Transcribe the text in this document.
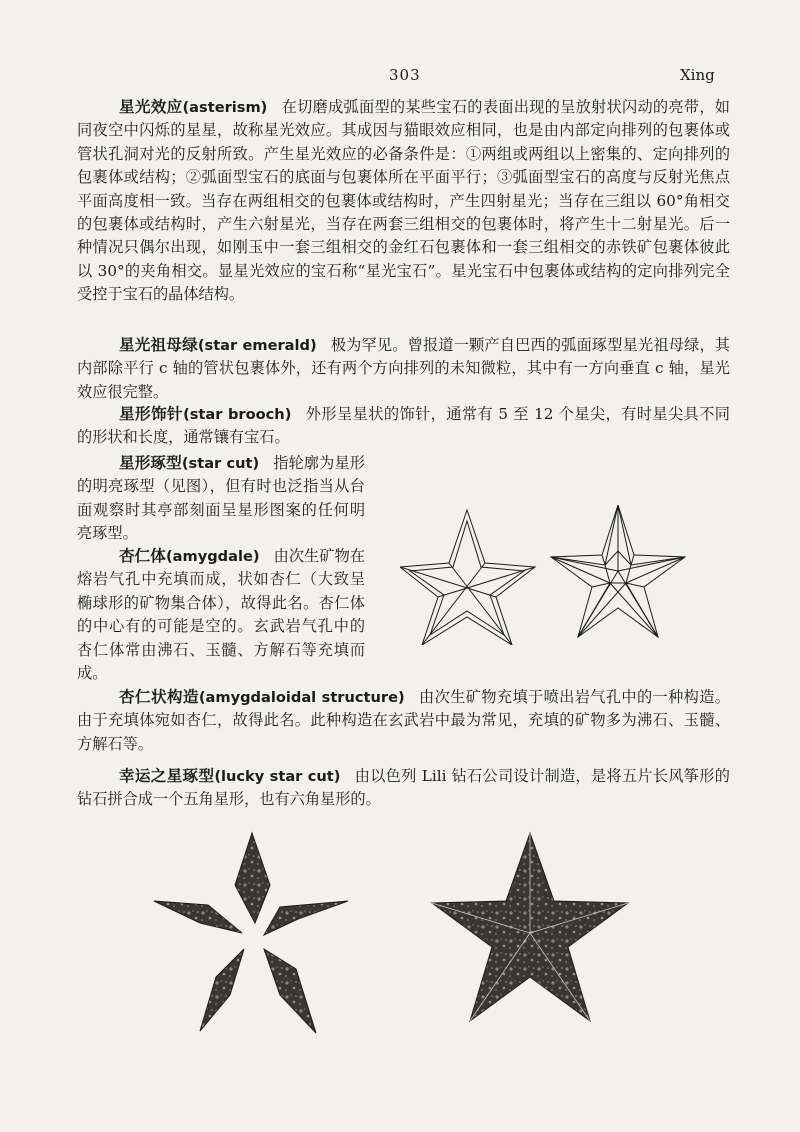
303	Xing
星光效应(asterism) 在切磨成弧面型的某些宝石的表面出现的呈放射状闪动的亮带，如同夜空中闪烁的星星，故称星光效应。其成因与猫眼效应相同，也是由内部定向排列的包裹体或管状孔洞对光的反射所致。产生星光效应的必备条件是：①两组或两组以上密集的、定向排列的包裹体或结构；②弧面型宝石的底面与包裹体所在平面平行；③弧面型宝石的高度与反射光焦点平面高度相一致。当存在两组相交的包裹体或结构时，产生四射星光；当存在三组以 60°角相交的包裹体或结构时，产生六射星光，当存在两套三组相交的包裹体时，将产生十二射星光。后一种情况只偶尔出现，如刚玉中一套三组相交的金红石包裹体和一套三组相交的赤铁矿包裹体彼此以 30°的夹角相交。显星光效应的宝石称“星光宝石”。星光宝石中包裹体或结构的定向排列完全受控于宝石的晶体结构。
星光祖母绿(star emerald) 极为罕见。曾报道一颗产自巴西的弧面琢型星光祖母绿，其内部除平行 c 轴的管状包裹体外，还有两个方向排列的未知微粒，其中有一方向垂直 c 轴，星光效应很完整。
星形饰针(star brooch) 外形呈星状的饰针，通常有 5 至 12 个星尖，有时星尖具不同的形状和长度，通常镶有宝石。
星形琢型(star cut) 指轮廓为星形的明亮琢型（见图），但有时也泛指当从台面观察时其亭部刻面呈星形图案的任何明亮琢型。
杏仁体(amygdale) 由次生矿物在熔岩气孔中充填而成，状如杏仁（大致呈椭球形的矿物集合体），故得此名。杏仁体的中心有的可能是空的。玄武岩气孔中的杏仁体常由沸石、玉髓、方解石等充填而成。
杏仁状构造(amygdaloidal structure) 由次生矿物充填于喷出岩气孔中的一种构造。由于充填体宛如杏仁，故得此名。此种构造在玄武岩中最为常见，充填的矿物多为沸石、玉髓、方解石等。
幸运之星琢型(lucky star cut) 由以色列 Lili 钻石公司设计制造，是将五片长风筝形的钻石拼合成一个五角星形，也有六角星形的。
